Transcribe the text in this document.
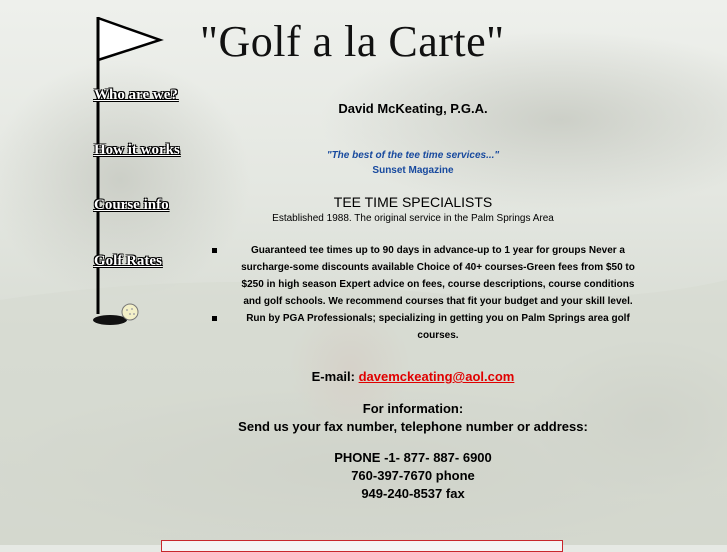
"Golf a la Carte"
Who are we?
How it works
Course info
Golf Rates
David McKeating, P.G.A.
"The best of the tee time services..."
Sunset Magazine
TEE TIME SPECIALISTS
Established 1988. The original service in the Palm Springs Area
Guaranteed tee times up to 90 days in advance-up to 1 year for groups Never a surcharge-some discounts available Choice of 40+ courses-Green fees from $50 to $250 in high season Expert advice on fees, course descriptions, course conditions and golf schools. We recommend courses that fit your budget and your skill level.
Run by PGA Professionals; specializing in getting you on Palm Springs area golf courses.
E-mail: davemckeating@aol.com
For information:
Send us your fax number, telephone number or address:
PHONE -1- 877- 887- 6900
760-397-7670 phone
949-240-8537 fax
